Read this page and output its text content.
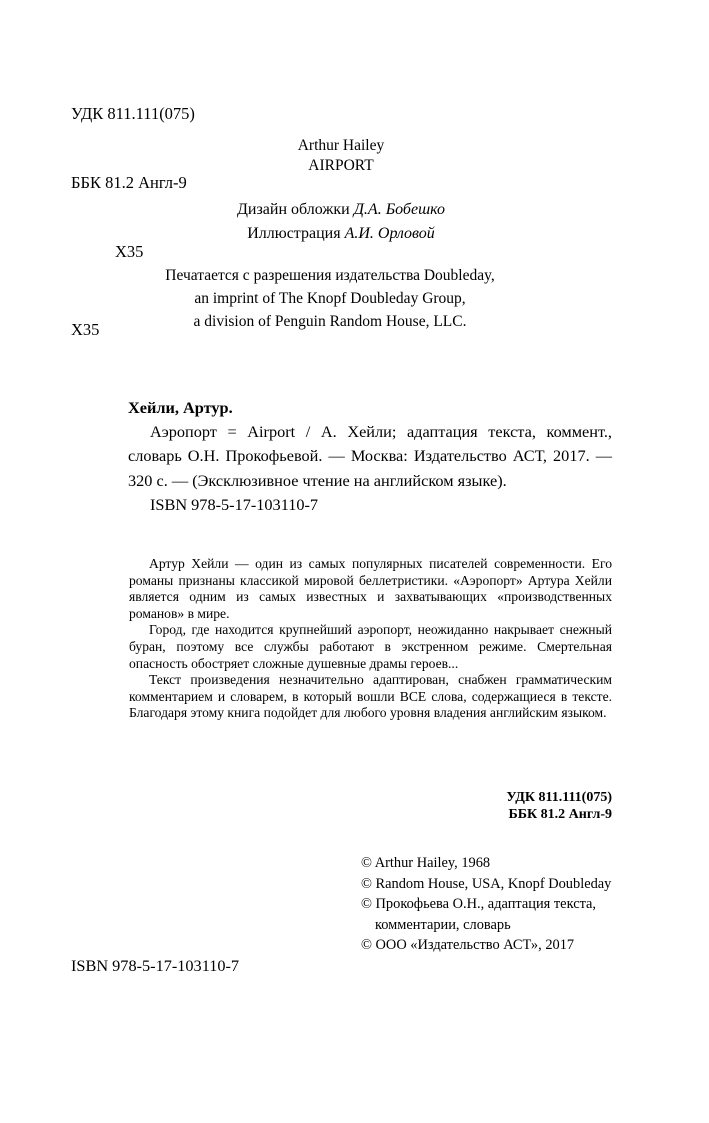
УДК 811.111(075)

ББК 81.2 Англ-9

Х35

Arthur Hailey
AIRPORT
Дизайн обложки Д.А. Бобешко
Иллюстрация А.И. Орловой
Печатается с разрешения издательства Doubleday,
an imprint of The Knopf Doubleday Group,
a division of Penguin Random House, LLC.
Х35
Хейли, Артур.
Аэропорт = Airport / А. Хейли; адаптация текста, коммент., словарь О.Н. Прокофьевой. — Москва: Издательство АСТ, 2017. — 320 с. — (Эксклюзивное чтение на английском языке).
ISBN 978-5-17-103110-7

Артур Хейли — один из самых популярных писателей современности. Его романы признаны классикой мировой беллетристики. «Аэропорт» Артура Хейли является одним из самых известных и захватывающих «производственных романов» в мире.

Город, где находится крупнейший аэропорт, неожиданно накрывает снежный буран, поэтому все службы работают в экстренном режиме. Смертельная опасность обостряет сложные душевные драмы героев...

Текст произведения незначительно адаптирован, снабжен грамматическим комментарием и словарем, в который вошли ВСЕ слова, содержащиеся в тексте. Благодаря этому книга подойдет для любого уровня владения английским языком.

УДК 811.111(075)
ББК 81.2 Англ-9
© Arthur Hailey, 1968
© Random House, USA, Knopf Doubleday
© Прокофьева О.Н., адаптация текста, комментарии, словарь
© ООО «Издательство АСТ», 2017
ISBN 978-5-17-103110-7
